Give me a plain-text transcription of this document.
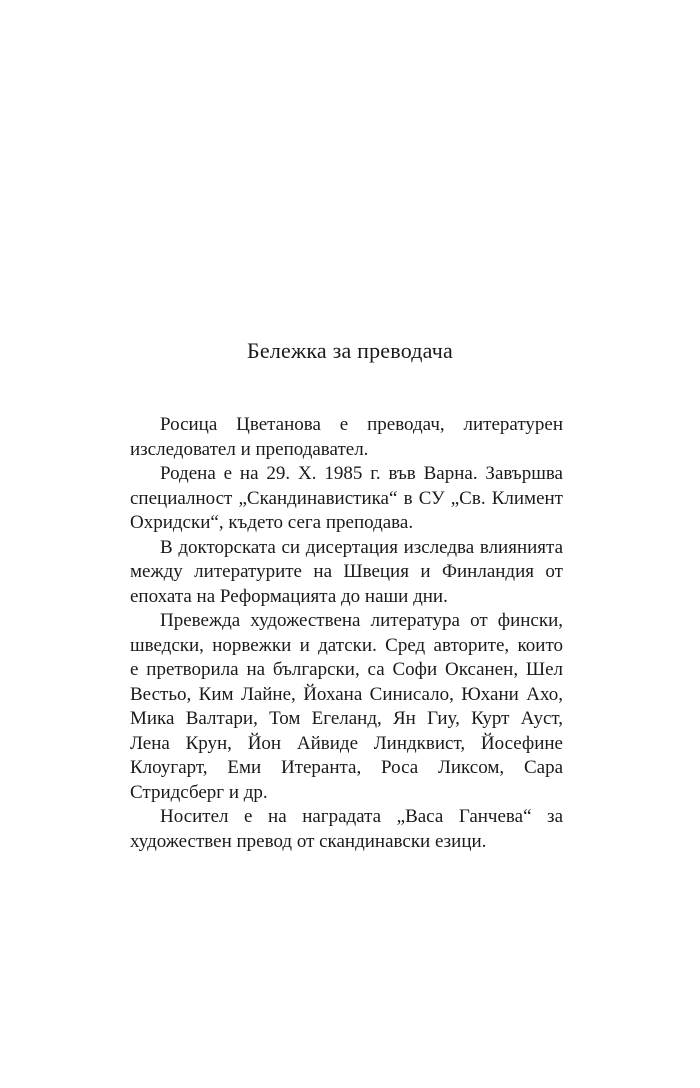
Бележка за преводача

Росица Цветанова е преводач, литературен
изследовател и преподавател.

Родена е на 29. X. 1985 г. във Варна. Завършва
специалност „Скандинавистика“ в СУ „Св. Климент
Охридски“, където сега преподава.

В докторската си дисертация изследва влиянията
между литературите на Швеция и Финландия от
епохата на Реформацията до наши дни.

Превежда художествена литература от фински,
шведски, норвежки и датски. Сред авторите, които
е претворила на български, са Софи Оксанен, Шел
Вестьо, Ким Лайне, Йохана Синисало, Юхани Ахо,
Мика Валтари, Том Егеланд, Ян Гиу, Курт Ауст,
Лена Крун, Йон Айвиде Линдквист, Йосефине
Клоугарт, Еми Итеранта, Роса Ликсом, Сара
Стридсберг и др.

Носител е на наградата „Васа Ганчева“ за
художествен превод от скандинавски езици.
